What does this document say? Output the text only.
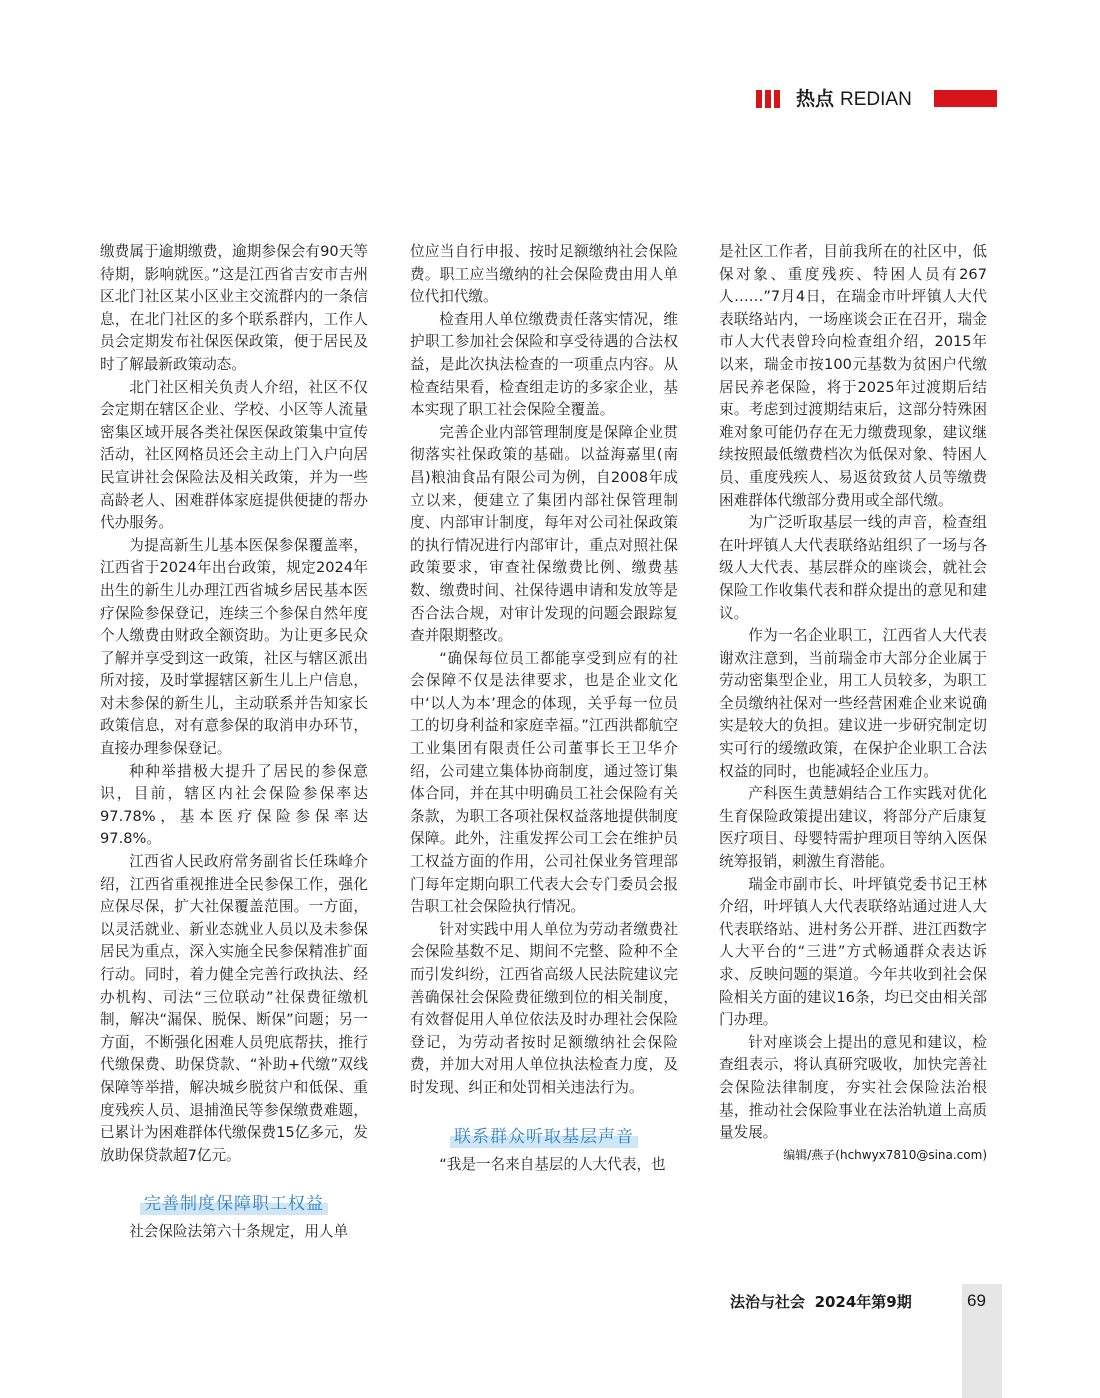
热点 REDIAN

缴费属于逾期缴费，逾期参保会有90天等待期，影响就医。”这是江西省吉安市吉州区北门社区某小区业主交流群内的一条信息，在北门社区的多个联系群内，工作人员会定期发布社保医保政策，便于居民及时了解最新政策动态。

北门社区相关负责人介绍，社区不仅会定期在辖区企业、学校、小区等人流量密集区域开展各类社保医保政策集中宣传活动，社区网格员还会主动上门入户向居民宣讲社会保险法及相关政策，并为一些高龄老人、困难群体家庭提供便捷的帮办代办服务。

为提高新生儿基本医保参保覆盖率，江西省于2024年出台政策，规定2024年出生的新生儿办理江西省城乡居民基本医疗保险参保登记，连续三个参保自然年度个人缴费由财政全额资助。为让更多民众了解并享受到这一政策，社区与辖区派出所对接，及时掌握辖区新生儿上户信息，对未参保的新生儿，主动联系并告知家长政策信息，对有意参保的取消申办环节，直接办理参保登记。

种种举措极大提升了居民的参保意识，目前，辖区内社会保险参保率达97.78%，基本医疗保险参保率达97.8%。

江西省人民政府常务副省长任珠峰介绍，江西省重视推进全民参保工作，强化应保尽保，扩大社保覆盖范围。一方面，以灵活就业、新业态就业人员以及未参保居民为重点，深入实施全民参保精准扩面行动。同时，着力健全完善行政执法、经办机构、司法“三位联动”社保费征缴机制，解决“漏保、脱保、断保”问题；另一方面，不断强化困难人员兜底帮扶，推行代缴保费、助保贷款、“补助+代缴”双线保障等举措，解决城乡脱贫户和低保、重度残疾人员、退捕渔民等参保缴费难题，已累计为困难群体代缴保费15亿多元，发放助保贷款超7亿元。

完善制度保障职工权益

社会保险法第六十条规定，用人单

位应当自行申报、按时足额缴纳社会保险费。职工应当缴纳的社会保险费由用人单位代扣代缴。

检查用人单位缴费责任落实情况，维护职工参加社会保险和享受待遇的合法权益，是此次执法检查的一项重点内容。从检查结果看，检查组走访的多家企业，基本实现了职工社会保险全覆盖。

完善企业内部管理制度是保障企业贯彻落实社保政策的基础。以益海嘉里(南昌)粮油食品有限公司为例，自2008年成立以来，便建立了集团内部社保管理制度、内部审计制度，每年对公司社保政策的执行情况进行内部审计，重点对照社保政策要求，审查社保缴费比例、缴费基数、缴费时间、社保待遇申请和发放等是否合法合规，对审计发现的问题会跟踪复查并限期整改。

“确保每位员工都能享受到应有的社会保障不仅是法律要求，也是企业文化中‘以人为本’理念的体现，关乎每一位员工的切身利益和家庭幸福。”江西洪都航空工业集团有限责任公司董事长王卫华介绍，公司建立集体协商制度，通过签订集体合同，并在其中明确员工社会保险有关条款，为职工各项社保权益落地提供制度保障。此外，注重发挥公司工会在维护员工权益方面的作用，公司社保业务管理部门每年定期向职工代表大会专门委员会报告职工社会保险执行情况。

针对实践中用人单位为劳动者缴费社会保险基数不足、期间不完整、险种不全而引发纠纷，江西省高级人民法院建议完善确保社会保险费征缴到位的相关制度，有效督促用人单位依法及时办理社会保险登记，为劳动者按时足额缴纳社会保险费，并加大对用人单位执法检查力度，及时发现、纠正和处罚相关违法行为。

联系群众听取基层声音

“我是一名来自基层的人大代表，也

是社区工作者，目前我所在的社区中，低保对象、重度残疾、特困人员有267人……”7月4日，在瑞金市叶坪镇人大代表联络站内，一场座谈会正在召开，瑞金市人大代表曾玲向检查组介绍，2015年以来，瑞金市按100元基数为贫困户代缴居民养老保险，将于2025年过渡期后结束。考虑到过渡期结束后，这部分特殊困难对象可能仍存在无力缴费现象，建议继续按照最低缴费档次为低保对象、特困人员、重度残疾人、易返贫致贫人员等缴费困难群体代缴部分费用或全部代缴。

为广泛听取基层一线的声音，检查组在叶坪镇人大代表联络站组织了一场与各级人大代表、基层群众的座谈会，就社会保险工作收集代表和群众提出的意见和建议。

作为一名企业职工，江西省人大代表谢欢注意到，当前瑞金市大部分企业属于劳动密集型企业，用工人员较多，为职工全员缴纳社保对一些经营困难企业来说确实是较大的负担。建议进一步研究制定切实可行的缓缴政策，在保护企业职工合法权益的同时，也能减轻企业压力。

产科医生黄慧娟结合工作实践对优化生育保险政策提出建议，将部分产后康复医疗项目、母婴特需护理项目等纳入医保统筹报销，刺激生育潜能。

瑞金市副市长、叶坪镇党委书记王林介绍，叶坪镇人大代表联络站通过进人大代表联络站、进村务公开群、进江西数字人大平台的“三进”方式畅通群众表达诉求、反映问题的渠道。今年共收到社会保险相关方面的建议16条，均已交由相关部门办理。

针对座谈会上提出的意见和建议，检查组表示，将认真研究吸收，加快完善社会保险法律制度，夯实社会保险法治根基，推动社会保险事业在法治轨道上高质量发展。

编辑/燕子(hchwyx7810@sina.com)
法治与社会 2024年第9期	69
